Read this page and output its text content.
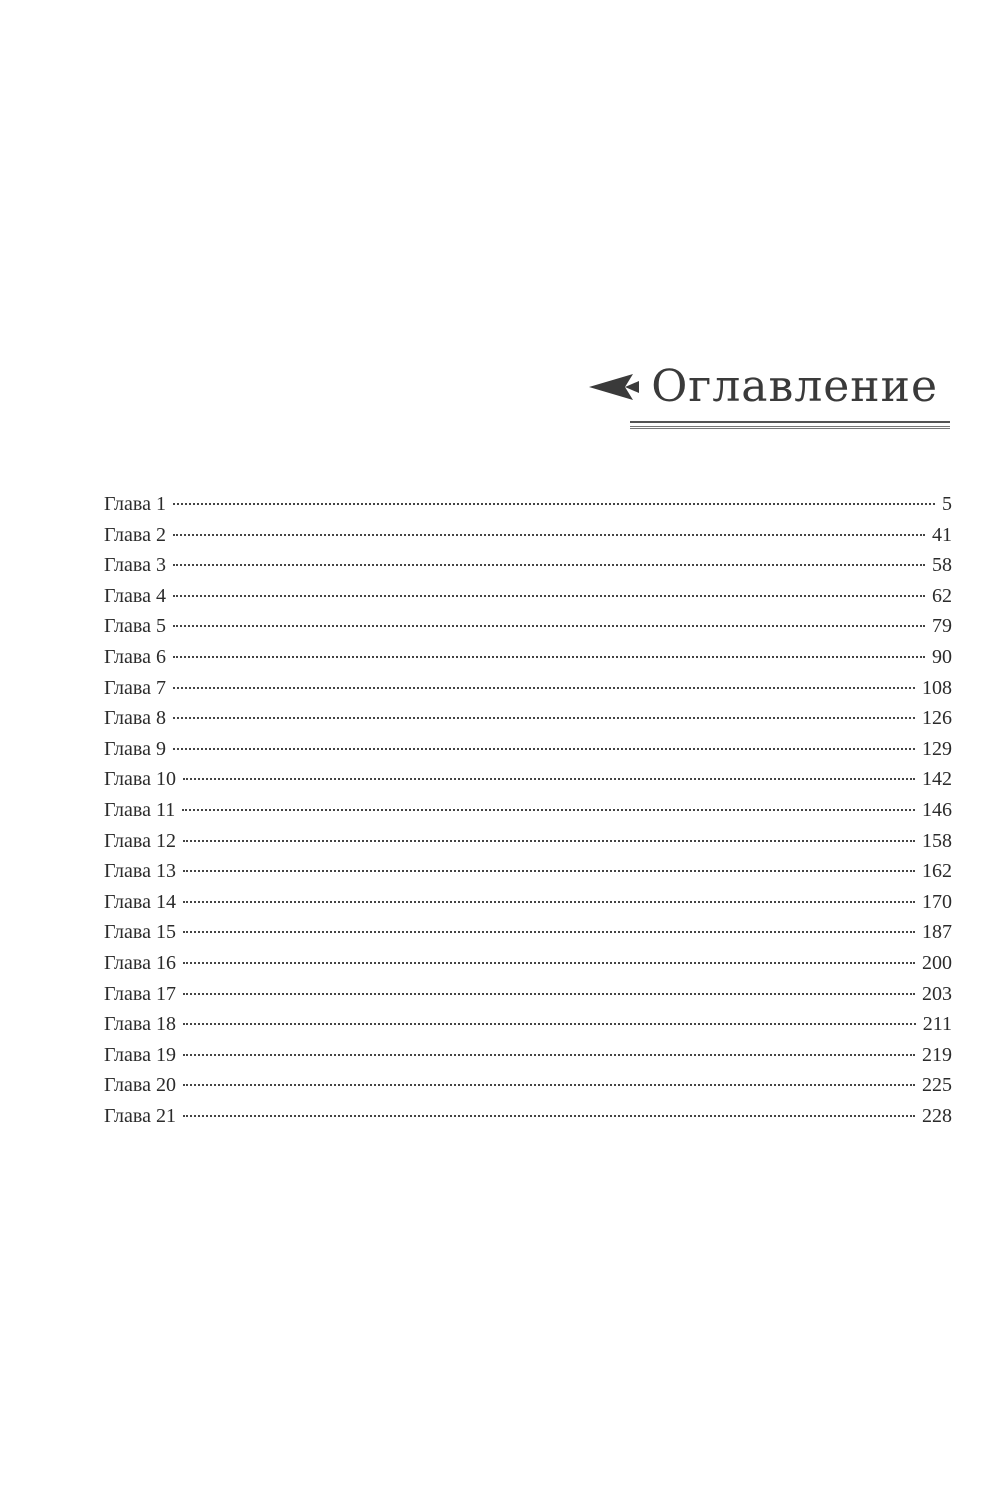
Оглавление
Глава 1	5
Глава 2	41
Глава 3	58
Глава 4	62
Глава 5	79
Глава 6	90
Глава 7	108
Глава 8	126
Глава 9	129
Глава 10	142
Глава 11	146
Глава 12	158
Глава 13	162
Глава 14	170
Глава 15	187
Глава 16	200
Глава 17	203
Глава 18	211
Глава 19	219
Глава 20	225
Глава 21	228
